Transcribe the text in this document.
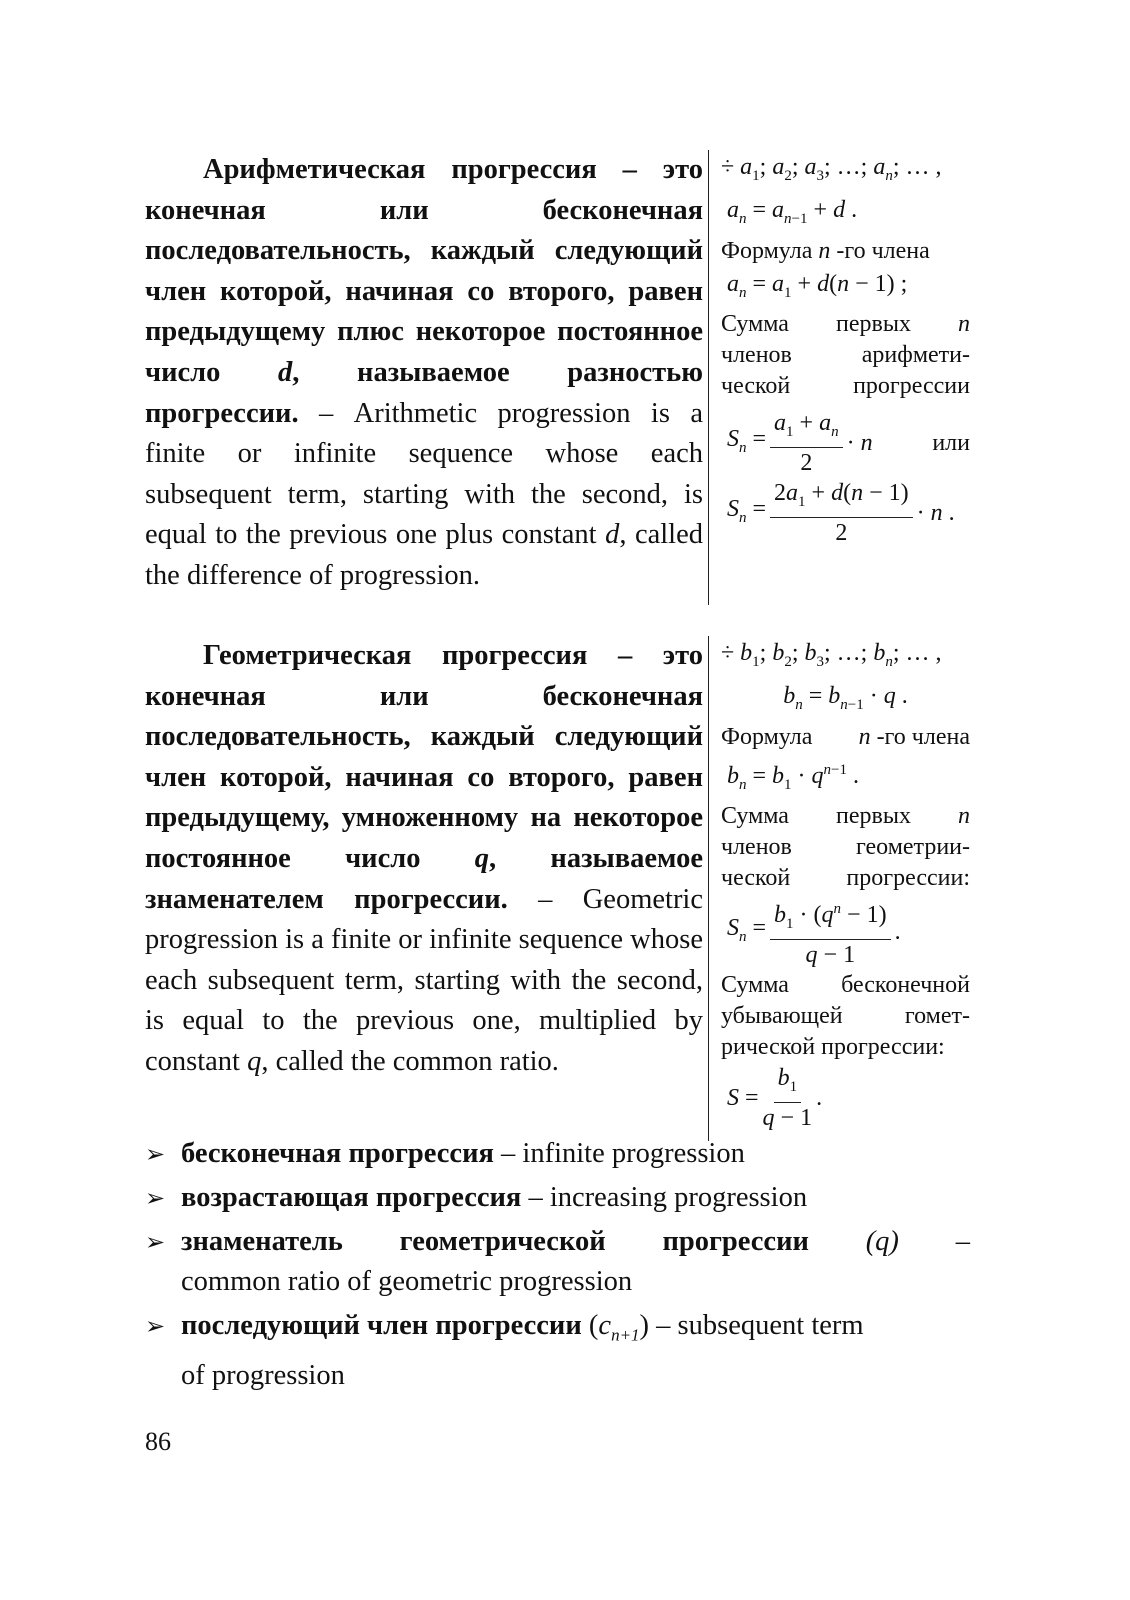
Арифметическая прогрессия – это конечная или бесконечная последовательность, каждый следующий член которой, начиная со второго, равен предыдущему плюс некоторое постоянное число d, называемое разностью прогрессии. – Arithmetic progression is a finite or infinite sequence whose each subsequent term, starting with the second, is equal to the previous one plus constant d, called the difference of progression.

÷ $a_1$; $a_2$; $a_3$; …; $a_n$; … ,
$a_n = a_{n-1} + d$ .
Формула n -го члена
$a_n = a_1 + d(n - 1)$ ;
Сумма первых n
членов	арифмети-
ческой	прогрессии
$S_n = \frac{a_1 + a_n}{2} \cdot n$ или
$S_n = \frac{2a_1 + d(n - 1)}{2} \cdot n$ .

Геометрическая прогрессия – это конечная или бесконечная последовательность, каждый следующий член которой, начиная со второго, равен предыдущему, умноженному на некоторое постоянное число q, называемое знаменателем прогрессии. – Geometric progression is a finite or infinite sequence whose each subsequent term, starting with the second, is equal to the previous one, multiplied by constant q, called the common ratio.

÷ $b_1$; $b_2$; $b_3$; …; $b_n$; … ,
$b_n = b_{n-1} \cdot q$ .
Формула n -го члена
$b_n = b_1 \cdot q^{n-1}$ .
Сумма первых n
членов	геометрии-
ческой прогрессии:
$S_n = \frac{b_1 \cdot (q^n - 1)}{q - 1}$ .
Сумма бесконечной
убывающей	гомет-
рической прогрессии:
$S = \frac{b_1}{q - 1}$ .
➢ бесконечная прогрессия – infinite progression
➢ возрастающая прогрессия – increasing progression
➢ знаменатель геометрической прогрессии (q) –
common ratio of geometric progression
➢ последующий член прогрессии $(c_{n+1})$ – subsequent term
of progression
86
